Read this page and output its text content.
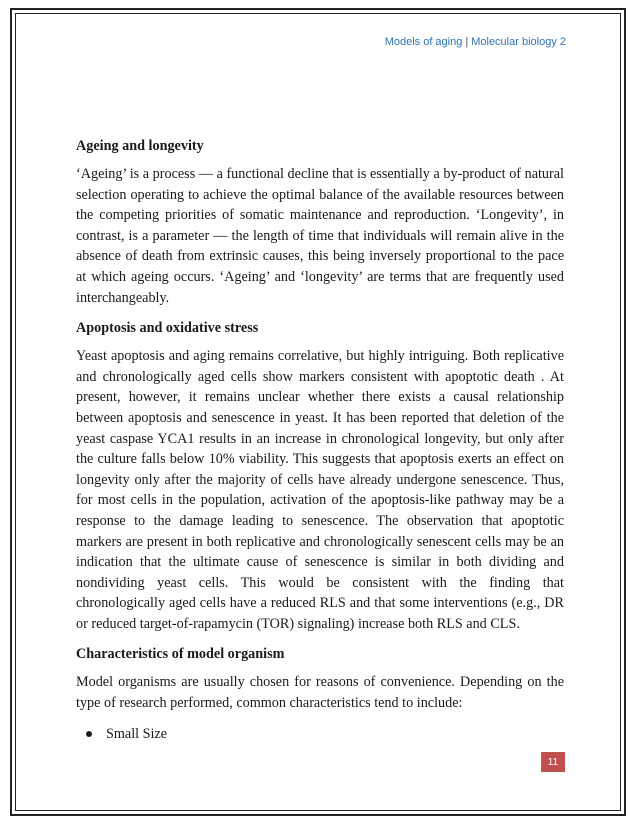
Models of aging | Molecular biology 2
Ageing and longevity

‘Ageing’ is a process — a functional decline that is essentially a by-product of natural selection operating to achieve the optimal balance of the available resources between the competing priorities of somatic maintenance and reproduction. ‘Longevity’, in contrast, is a parameter — the length of time that individuals will remain alive in the absence of death from extrinsic causes, this being inversely proportional to the pace at which ageing occurs. ‘Ageing’ and ‘longevity’ are terms that are frequently used interchangeably.

Apoptosis and oxidative stress

Yeast apoptosis and aging remains correlative, but highly intriguing. Both replicative and chronologically aged cells show markers consistent with apoptotic death . At present, however, it remains unclear whether there exists a causal relationship between apoptosis and senescence in yeast. It has been reported that deletion of the yeast caspase YCA1 results in an increase in chronological longevity, but only after the culture falls below 10% viability. This suggests that apoptosis exerts an effect on longevity only after the majority of cells have already undergone senescence. Thus, for most cells in the population, activation of the apoptosis-like pathway may be a response to the damage leading to senescence. The observation that apoptotic markers are present in both replicative and chronologically senescent cells may be an indication that the ultimate cause of senescence is similar in both dividing and nondividing yeast cells. This would be consistent with the finding that chronologically aged cells have a reduced RLS and that some interventions (e.g., DR or reduced target-of-rapamycin (TOR) signaling) increase both RLS and CLS.

Characteristics of model organism

Model organisms are usually chosen for reasons of convenience. Depending on the type of research performed, common characteristics tend to include:

Small Size
11
